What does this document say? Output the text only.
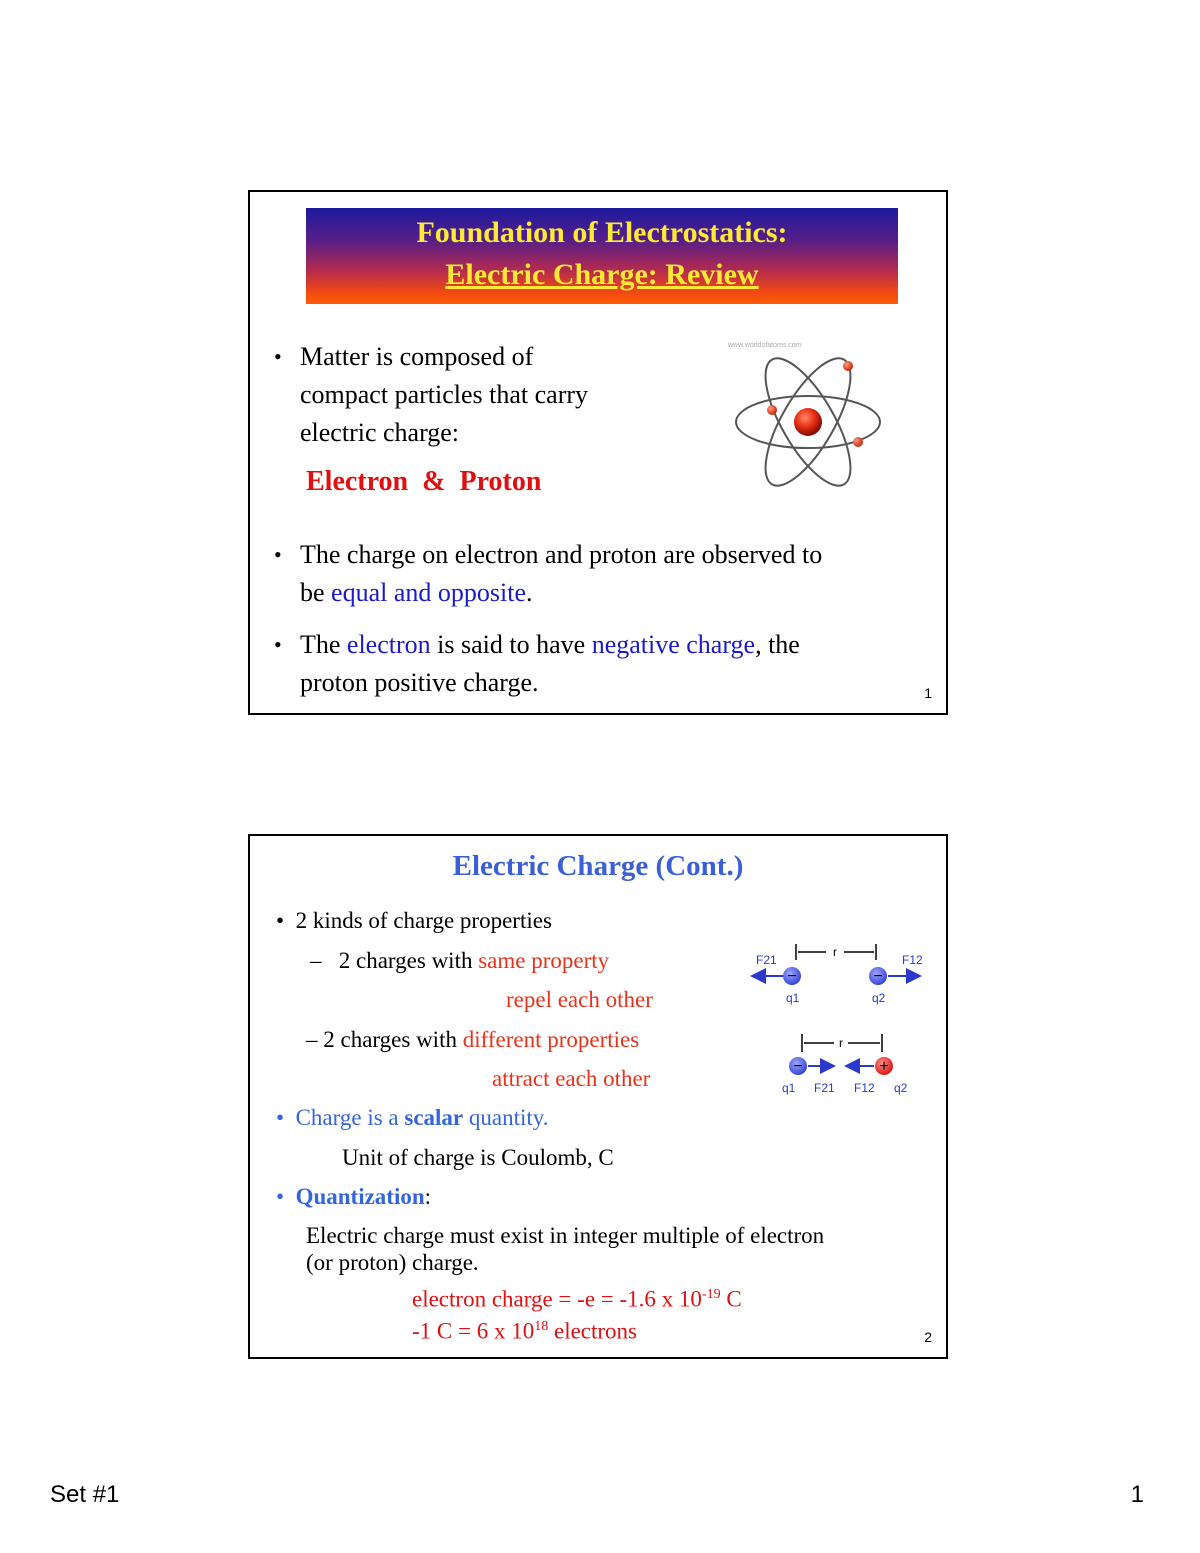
Foundation of Electrostatics:
Electric Charge: Review
• Matter is composed of
compact particles that carry
electric charge:
Electron & Proton
www.worldofatoms.com
• The charge on electron and proton are observed to
be equal and opposite.
• The electron is said to have negative charge, the
proton positive charge.	1
Electric Charge (Cont.)
•  2 kinds of charge properties
– 2 charges with same property
repel each other
– 2 charges with different properties
attract each other
•  Charge is a scalar quantity.
Unit of charge is Coulomb, C
•  Quantization:
Electric charge must exist in integer multiple of electron
(or proton) charge.
electron charge = -e = -1.6 x $10^{-19}$ C
-1 C = 6 x $10^{18}$ electrons
r
−	−
F21	F12
q1	q2
r
−	+
q1 F21 F12 q2
2
Set #1	1
